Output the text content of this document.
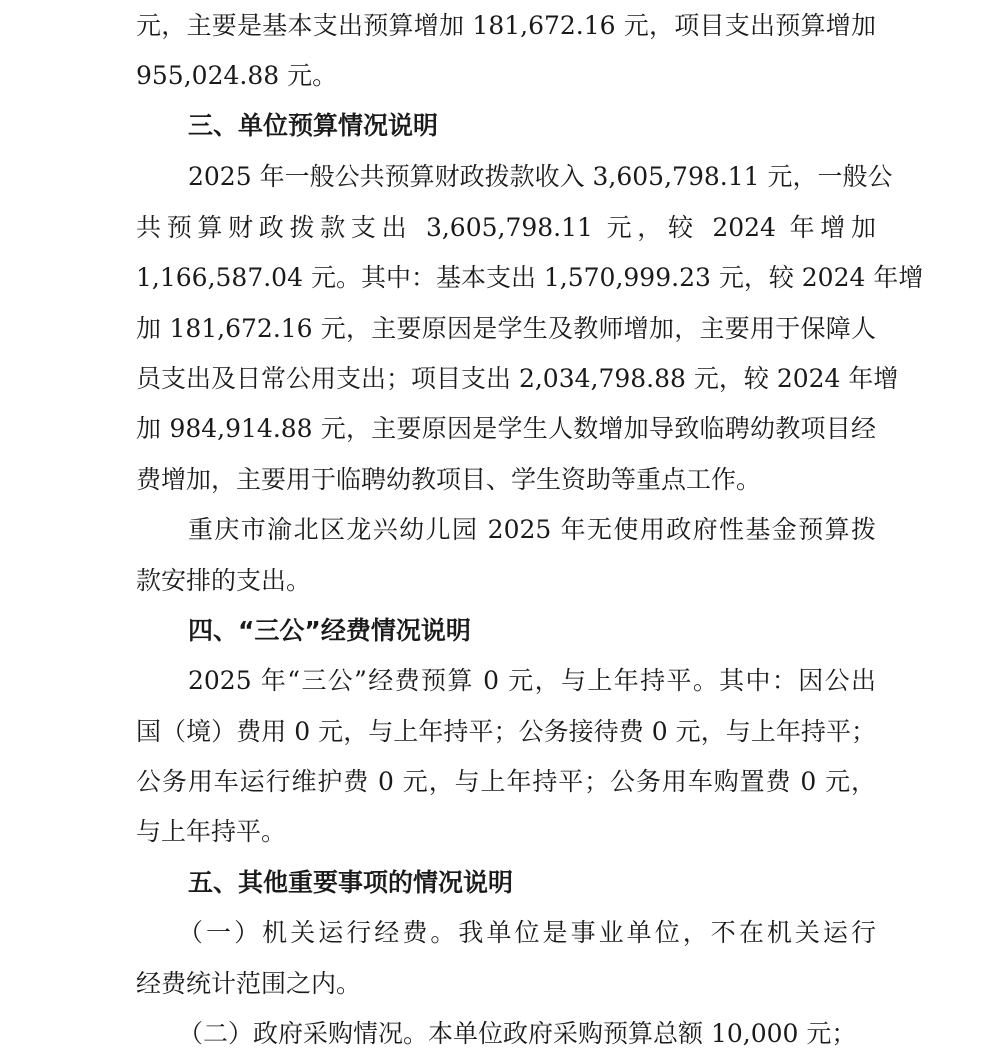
元，主要是基本支出预算增加 181,672.16 元，项目支出预算增加
955,024.88 元。
三、单位预算情况说明
2025 年一般公共预算财政拨款收入 3,605,798.11 元，一般公
共预算财政拨款支出 3,605,798.11 元，较 2024 年增加
1,166,587.04 元。其中：基本支出 1,570,999.23 元，较 2024 年增
加 181,672.16 元，主要原因是学生及教师增加，主要用于保障人
员支出及日常公用支出；项目支出 2,034,798.88 元，较 2024 年增
加 984,914.88 元，主要原因是学生人数增加导致临聘幼教项目经
费增加，主要用于临聘幼教项目、学生资助等重点工作。
重庆市渝北区龙兴幼儿园 2025 年无使用政府性基金预算拨
款安排的支出。
四、“三公”经费情况说明
2025 年“三公”经费预算 0 元，与上年持平。其中：因公出
国（境）费用 0 元，与上年持平；公务接待费 0 元，与上年持平；
公务用车运行维护费 0 元，与上年持平；公务用车购置费 0 元，
与上年持平。
五、其他重要事项的情况说明
（一）机关运行经费。我单位是事业单位，不在机关运行
经费统计范围之内。
（二）政府采购情况。本单位政府采购预算总额 10,000 元；
